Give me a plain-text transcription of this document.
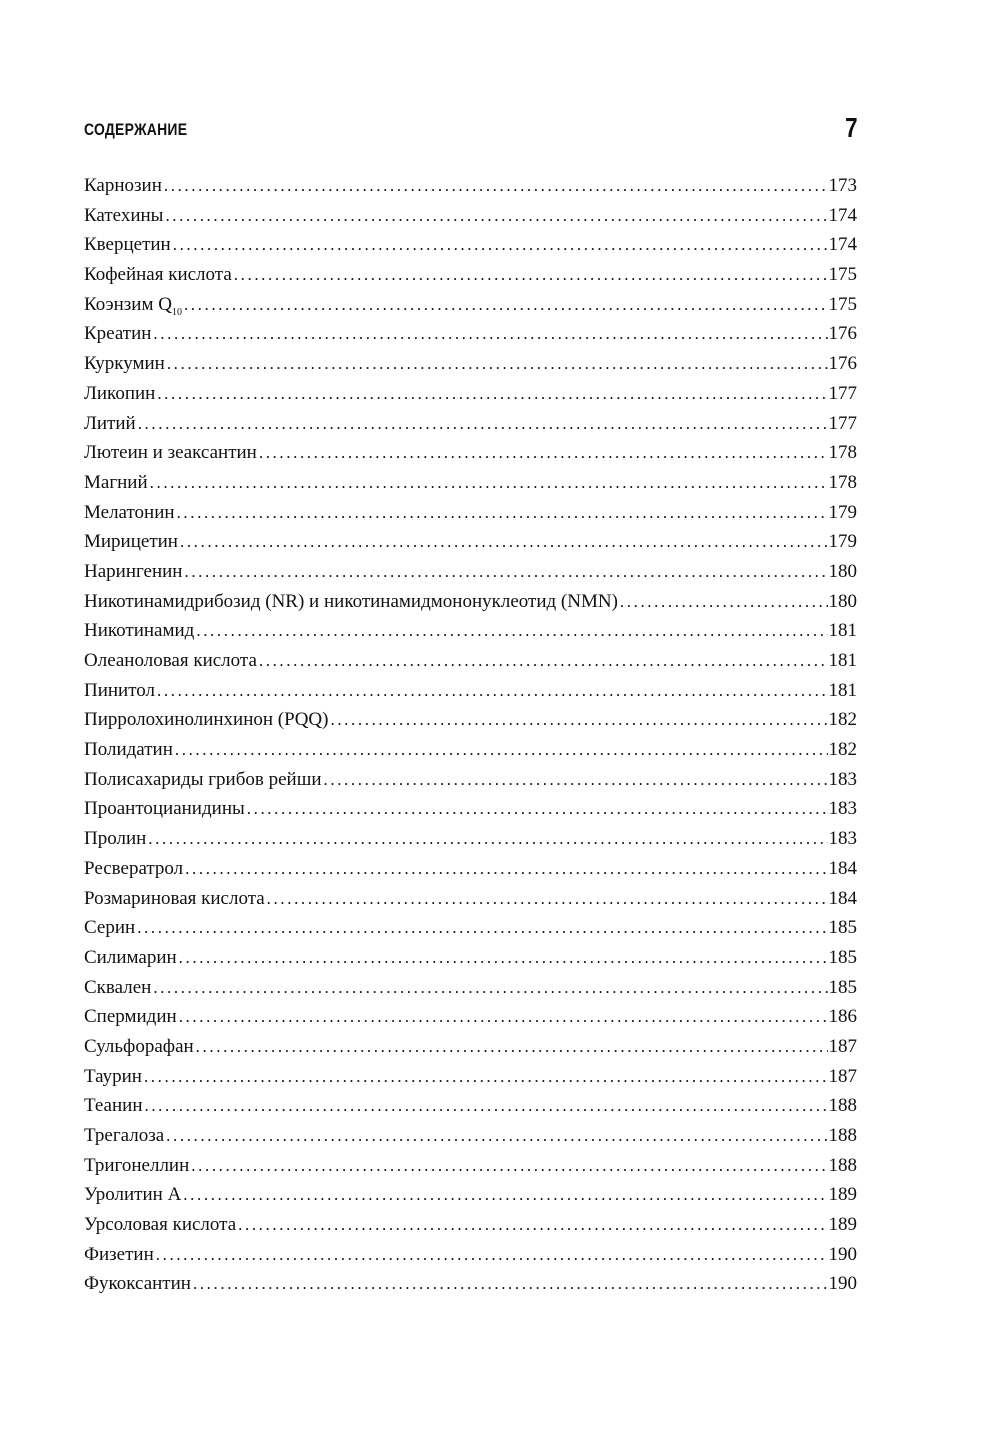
СОДЕРЖАНИЕ	7
Карнозин .....	173
Катехины .....	174
Кверцетин .....	174
Кофейная кислота .....	175
Коэнзим $Q_{10}$ .....	175
Креатин .....	176
Куркумин .....	176
Ликопин .....	177
Литий .....	177
Лютеин и зеаксантин .....	178
Магний .....	178
Мелатонин .....	179
Мирицетин .....	179
Нарингенин .....	180
Никотинамидрибозид (NR) и никотинамидмононуклеотид (NMN) .....	180
Никотинамид .....	181
Олеаноловая кислота .....	181
Пинитол .....	181
Пирролохинолинхинон (PQQ) .....	182
Полидатин .....	182
Полисахариды грибов рейши .....	183
Проантоцианидины .....	183
Пролин .....	183
Ресвератрол .....	184
Розмариновая кислота .....	184
Серин .....	185
Силимарин .....	185
Сквален .....	185
Спермидин .....	186
Сульфорафан .....	187
Таурин .....	187
Теанин .....	188
Трегалоза .....	188
Тригонеллин .....	188
Уролитин А .....	189
Урсоловая кислота .....	189
Физетин .....	190
Фукоксантин .....	190
